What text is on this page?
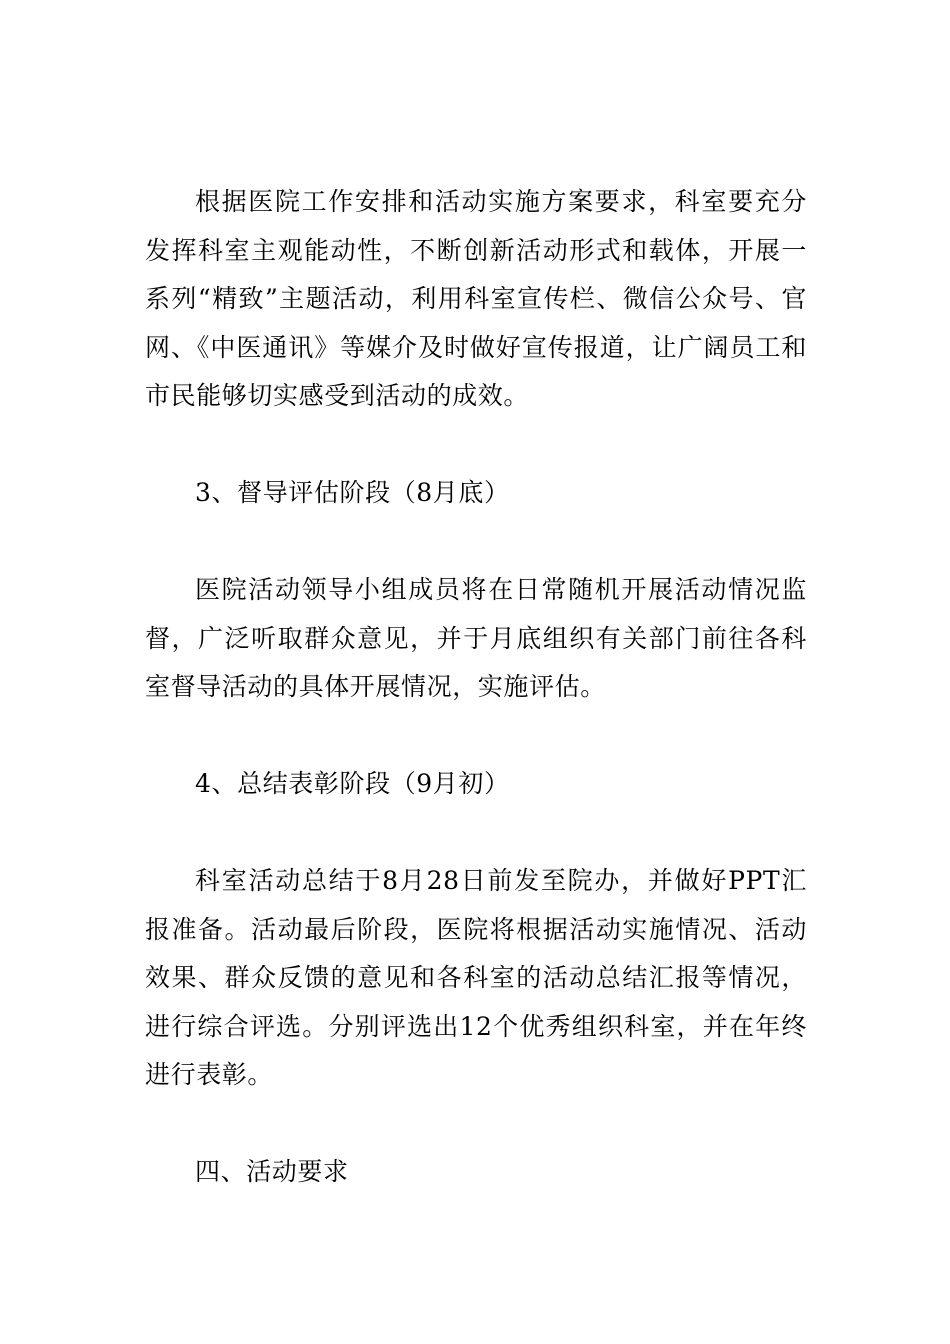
根据医院工作安排和活动实施方案要求，科室要充分发挥科室主观能动性，不断创新活动形式和载体，开展一系列“精致”主题活动，利用科室宣传栏、微信公众号、官网、《中医通讯》等媒介及时做好宣传报道，让广阔员工和市民能够切实感受到活动的成效。

3、督导评估阶段（8月底）

医院活动领导小组成员将在日常随机开展活动情况监督，广泛听取群众意见，并于月底组织有关部门前往各科室督导活动的具体开展情况，实施评估。

4、总结表彰阶段（9月初）

科室活动总结于8月28日前发至院办，并做好PPT汇报准备。活动最后阶段，医院将根据活动实施情况、活动效果、群众反馈的意见和各科室的活动总结汇报等情况，进行综合评选。分别评选出12个优秀组织科室，并在年终进行表彰。

四、活动要求
